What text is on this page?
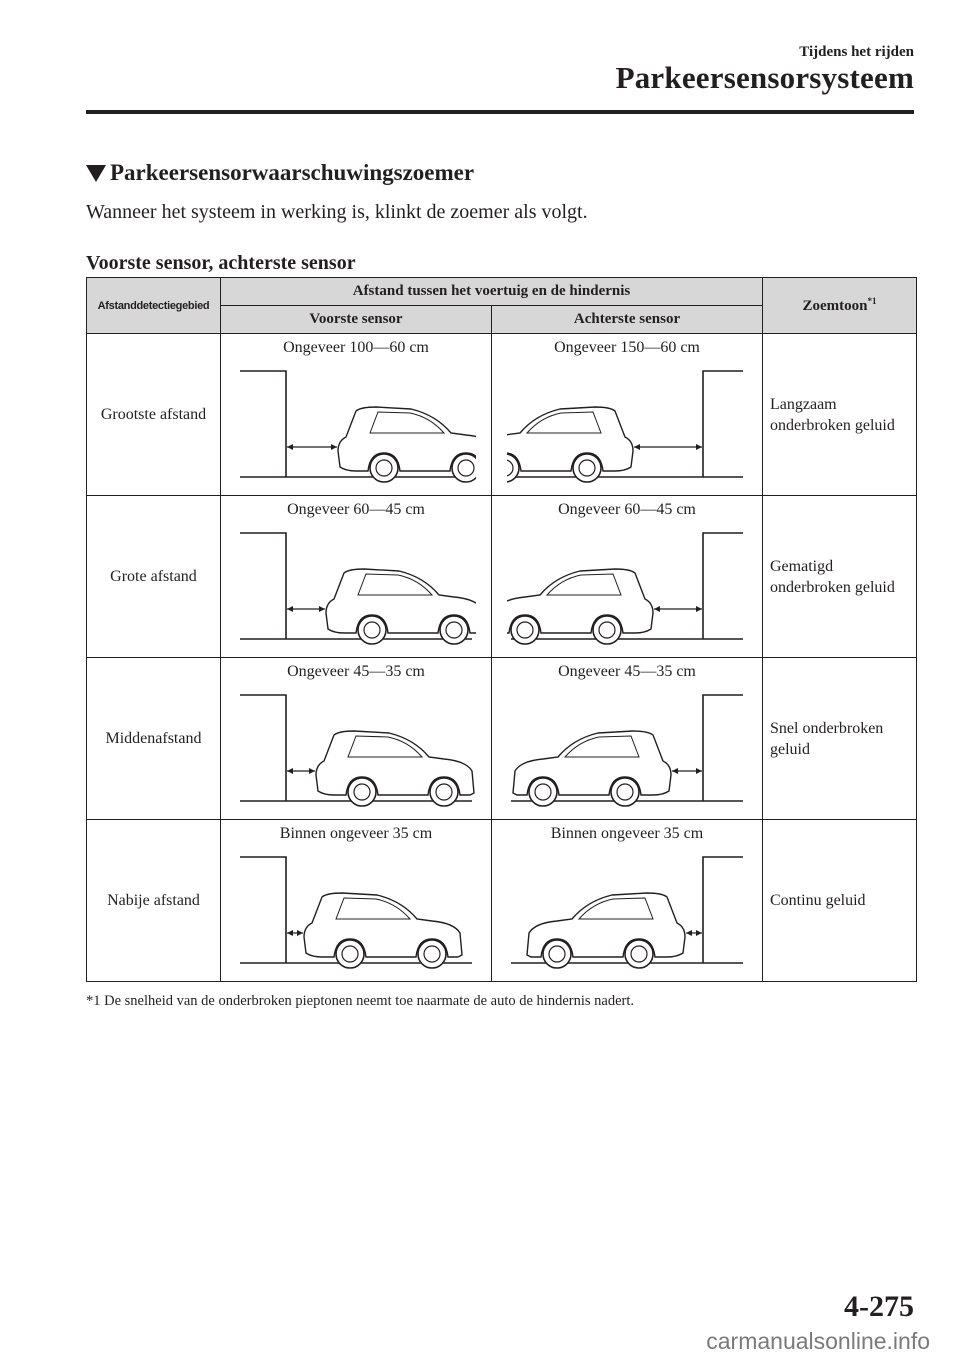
Tijdens het rijden
Parkeersensorsysteem
Parkeersensorwaarschuwingszoemer
Wanneer het systeem in werking is, klinkt de zoemer als volgt.
Voorste sensor, achterste sensor
Afstanddetectiegebied	Afstand tussen het voertuig en de hindernis		Zoemtoon$^{*1}$
	Voorste sensor	Achterste sensor	
Grootste afstand	Ongeveer 100—60 cm	Ongeveer 150—60 cm	Langzaam onderbroken geluid
Grote afstand	Ongeveer 60—45 cm	Ongeveer 60—45 cm	Gematigd onderbroken geluid
Middenafstand	Ongeveer 45—35 cm	Ongeveer 45—35 cm	Snel onderbroken geluid
Nabije afstand	Binnen ongeveer 35 cm	Binnen ongeveer 35 cm	Continu geluid
*1 De snelheid van de onderbroken pieptonen neemt toe naarmate de auto de hindernis nadert.
4-275
carmanualsonline.info
